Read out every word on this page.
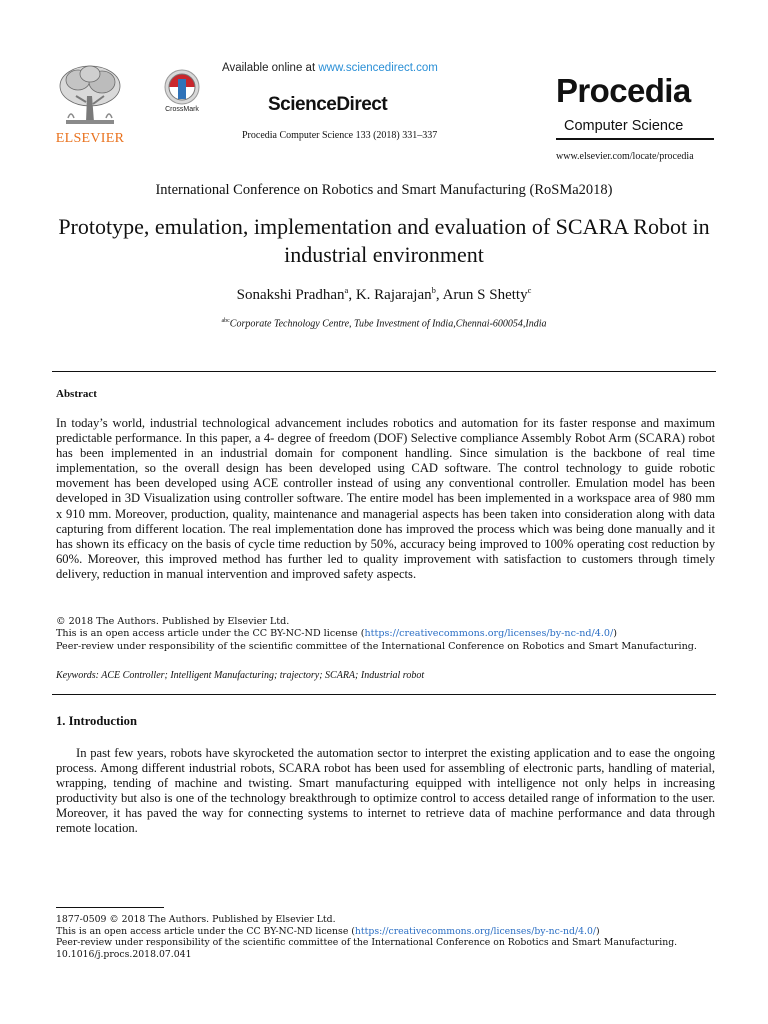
ELSEVIER
CrossMark
Available online at www.sciencedirect.com
ScienceDirect
Procedia Computer Science 133 (2018) 331–337
Procedia
Computer Science
www.elsevier.com/locate/procedia
International Conference on Robotics and Smart Manufacturing (RoSMa2018)
Prototype, emulation, implementation and evaluation of SCARA Robot in industrial environment
Sonakshi Pradhan$^a$, K. Rajarajan$^b$, Arun S Shetty$^c$
$^{abc}$Corporate Technology Centre, Tube Investment of India,Chennai-600054,India
Abstract
In today’s world, industrial technological advancement includes robotics and automation for its faster response and maximum predictable performance. In this paper, a 4- degree of freedom (DOF) Selective compliance Assembly Robot Arm (SCARA) robot has been implemented in an industrial domain for component handling. Since simulation is the backbone of real time implementation, so the overall design has been developed using CAD software. The control technology to guide robotic movement has been developed using ACE controller instead of using any conventional controller. Emulation model has been developed in 3D Visualization using controller software. The entire model has been implemented in a workspace area of 980 mm x 910 mm. Moreover, production, quality, maintenance and managerial aspects has been taken into consideration along with data capturing from different location. The real implementation done has improved the process which was being done manually and it has shown its efficacy on the basis of cycle time reduction by 50%, accuracy being improved to 100% operating cost reduction by 60%. Moreover, this improved method has further led to quality improvement with satisfaction to customers through timely delivery, reduction in manual intervention and improved safety aspects.
© 2018 The Authors. Published by Elsevier Ltd.
This is an open access article under the CC BY-NC-ND license (https://creativecommons.org/licenses/by-nc-nd/4.0/)
Peer-review under responsibility of the scientific committee of the International Conference on Robotics and Smart Manufacturing.
Keywords: ACE Controller; Intelligent Manufacturing; trajectory; SCARA; Industrial robot
1. Introduction
In past few years, robots have skyrocketed the automation sector to interpret the existing application and to ease the ongoing process. Among different industrial robots, SCARA robot has been used for assembling of electronic parts, handling of material, wrapping, tending of machine and twisting. Smart manufacturing equipped with intelligence not only helps in increasing productivity but also is one of the technology breakthrough to optimize control to access detailed range of information to the user. Moreover, it has paved the way for connecting systems to internet to retrieve data of machine performance and data through remote location.
1877-0509 © 2018 The Authors. Published by Elsevier Ltd.
This is an open access article under the CC BY-NC-ND license (https://creativecommons.org/licenses/by-nc-nd/4.0/)
Peer-review under responsibility of the scientific committee of the International Conference on Robotics and Smart Manufacturing.
10.1016/j.procs.2018.07.041
